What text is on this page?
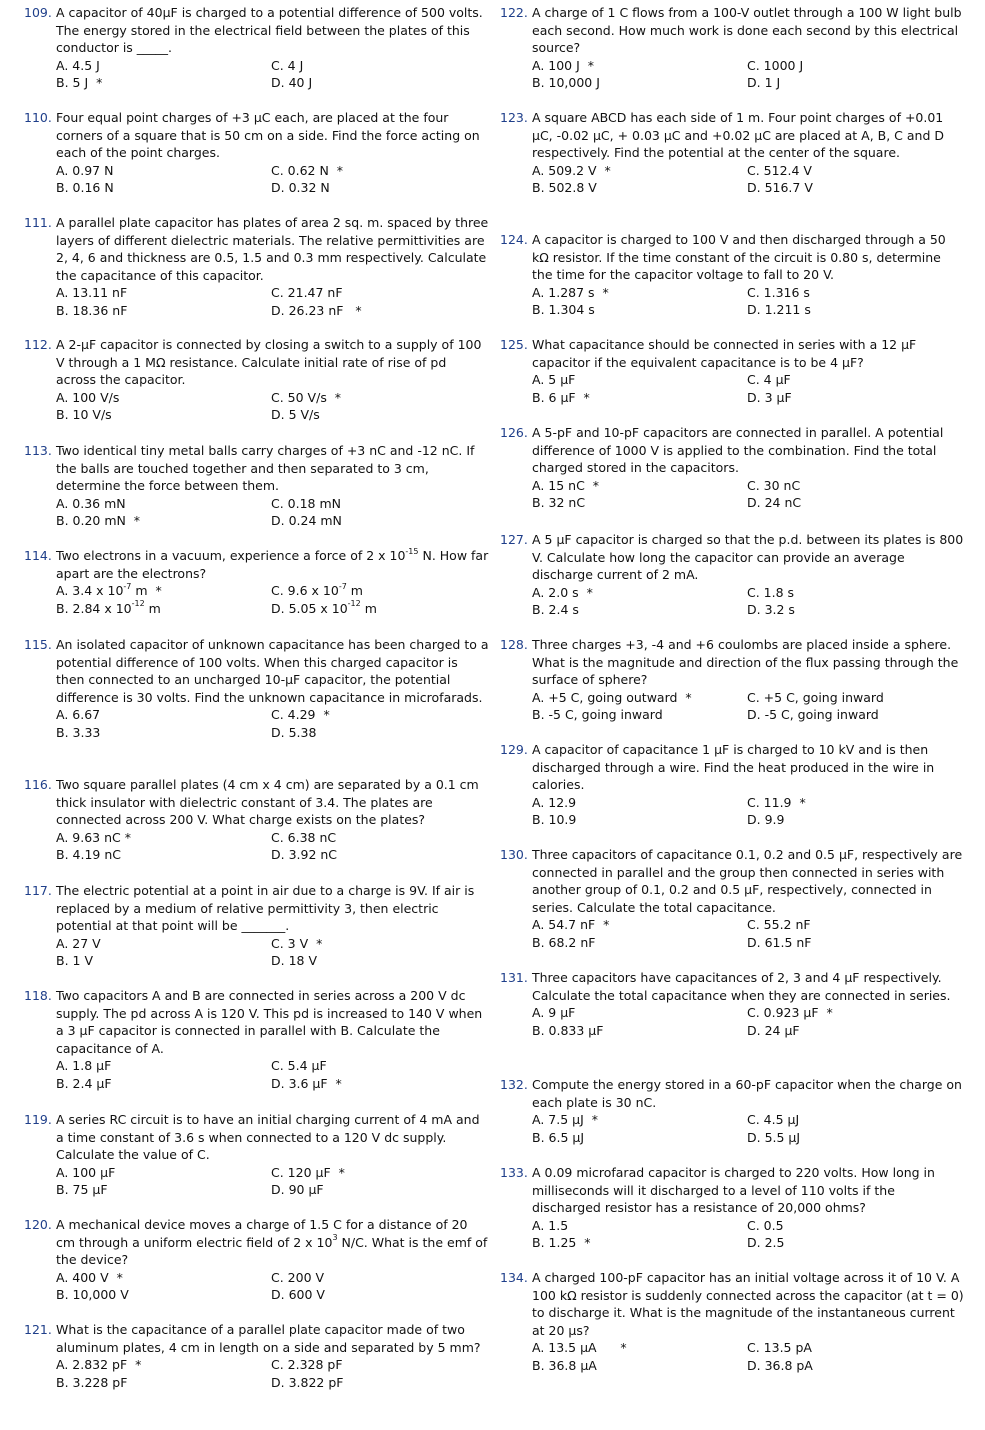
109. A capacitor of 40μF is charged to a potential difference of 500 volts. The energy stored in the electrical field between the plates of this conductor is _____.
A. 4.5 J	C. 4 J
B. 5 J  *	D. 40 J
110. Four equal point charges of +3 μC each, are placed at the four corners of a square that is 50 cm on a side. Find the force acting on each of the point charges.
A. 0.97 N	C. 0.62 N  *
B. 0.16 N	D. 0.32 N
111. A parallel plate capacitor has plates of area 2 sq. m. spaced by three layers of different dielectric materials. The relative permittivities are 2, 4, 6 and thickness are 0.5, 1.5 and 0.3 mm respectively. Calculate the capacitance of this capacitor.
A. 13.11 nF	C. 21.47 nF
B. 18.36 nF	D. 26.23 nF   *
112. A 2-μF capacitor is connected by closing a switch to a supply of 100 V through a 1 MΩ resistance. Calculate initial rate of rise of pd across the capacitor.
A. 100 V/s	C. 50 V/s  *
B. 10 V/s	D. 5 V/s
113. Two identical tiny metal balls carry charges of +3 nC and -12 nC. If the balls are touched together and then separated to 3 cm, determine the force between them.
A. 0.36 mN	C. 0.18 mN
B. 0.20 mN  *	D. 0.24 mN
114. Two electrons in a vacuum, experience a force of 2 x $10^{-15}$ N. How far apart are the electrons?
A. 3.4 x $10^{-7}$ m  *	C. 9.6 x $10^{-7}$ m
B. 2.84 x $10^{-12}$ m	D. 5.05 x $10^{-12}$ m
115. An isolated capacitor of unknown capacitance has been charged to a potential difference of 100 volts. When this charged capacitor is then connected to an uncharged 10-μF capacitor, the potential difference is 30 volts. Find the unknown capacitance in microfarads.
A. 6.67	C. 4.29  *
B. 3.33	D. 5.38
116. Two square parallel plates (4 cm x 4 cm) are separated by a 0.1 cm thick insulator with dielectric constant of 3.4. The plates are connected across 200 V. What charge exists on the plates?
A. 9.63 nC *	C. 6.38 nC
B. 4.19 nC	D. 3.92 nC
117. The electric potential at a point in air due to a charge is 9V. If air is replaced by a medium of relative permittivity 3, then electric potential at that point will be _______.
A. 27 V	C. 3 V  *
B. 1 V	D. 18 V
118. Two capacitors A and B are connected in series across a 200 V dc supply. The pd across A is 120 V. This pd is increased to 140 V when a 3 μF capacitor is connected in parallel with B. Calculate the capacitance of A.
A. 1.8 μF	C. 5.4 μF
B. 2.4 μF	D. 3.6 μF  *
119. A series RC circuit is to have an initial charging current of 4 mA and a time constant of 3.6 s when connected to a 120 V dc supply. Calculate the value of C.
A. 100 μF	C. 120 μF  *
B. 75 μF	D. 90 μF
120. A mechanical device moves a charge of 1.5 C for a distance of 20 cm through a uniform electric field of 2 x $10^3$ N/C. What is the emf of the device?
A. 400 V  *	C. 200 V
B. 10,000 V	D. 600 V
121. What is the capacitance of a parallel plate capacitor made of two aluminum plates, 4 cm in length on a side and separated by 5 mm?
A. 2.832 pF  *	C. 2.328 pF
B. 3.228 pF	D. 3.822 pF
122. A charge of 1 C flows from a 100-V outlet through a 100 W light bulb each second. How much work is done each second by this electrical source?
A. 100 J  *	C. 1000 J
B. 10,000 J	D. 1 J
123. A square ABCD has each side of 1 m. Four point charges of +0.01 μC, -0.02 μC, + 0.03 μC and +0.02 μC are placed at A, B, C and D respectively. Find the potential at the center of the square.
A. 509.2 V  *	C. 512.4 V
B. 502.8 V	D. 516.7 V
124. A capacitor is charged to 100 V and then discharged through a 50 kΩ resistor. If the time constant of the circuit is 0.80 s, determine the time for the capacitor voltage to fall to 20 V.
A. 1.287 s  *	C. 1.316 s
B. 1.304 s	D. 1.211 s
125. What capacitance should be connected in series with a 12 μF capacitor if the equivalent capacitance is to be 4 μF?
A. 5 μF	C. 4 μF
B. 6 μF  *	D. 3 μF
126. A 5-pF and 10-pF capacitors are connected in parallel. A potential difference of 1000 V is applied to the combination. Find the total charged stored in the capacitors.
A. 15 nC  *	C. 30 nC
B. 32 nC	D. 24 nC
127. A 5 μF capacitor is charged so that the p.d. between its plates is 800 V. Calculate how long the capacitor can provide an average discharge current of 2 mA.
A. 2.0 s  *	C. 1.8 s
B. 2.4 s	D. 3.2 s
128. Three charges +3, -4 and +6 coulombs are placed inside a sphere. What is the magnitude and direction of the flux passing through the surface of sphere?
A. +5 C, going outward  *	C. +5 C, going inward
B. -5 C, going inward	D. -5 C, going inward
129. A capacitor of capacitance 1 μF is charged to 10 kV and is then discharged through a wire. Find the heat produced in the wire in calories.
A. 12.9	C. 11.9  *
B. 10.9	D. 9.9
130. Three capacitors of capacitance 0.1, 0.2 and 0.5 μF, respectively are connected in parallel and the group then connected in series with another group of 0.1, 0.2 and 0.5 μF, respectively, connected in series. Calculate the total capacitance.
A. 54.7 nF  *	C. 55.2 nF
B. 68.2 nF	D. 61.5 nF
131. Three capacitors have capacitances of 2, 3 and 4 μF respectively. Calculate the total capacitance when they are connected in series.
A. 9 μF	C. 0.923 μF  *
B. 0.833 μF	D. 24 μF
132. Compute the energy stored in a 60-pF capacitor when the charge on each plate is 30 nC.
A. 7.5 μJ  *	C. 4.5 μJ
B. 6.5 μJ	D. 5.5 μJ
133. A 0.09 microfarad capacitor is charged to 220 volts. How long in milliseconds will it discharged to a level of 110 volts if the discharged resistor has a resistance of 20,000 ohms?
A. 1.5	C. 0.5
B. 1.25  *	D. 2.5
134. A charged 100-pF capacitor has an initial voltage across it of 10 V. A 100 kΩ resistor is suddenly connected across the capacitor (at t = 0) to discharge it. What is the magnitude of the instantaneous current at 20 μs?
A. 13.5 μA      *	C. 13.5 pA
B. 36.8 μA	D. 36.8 pA
